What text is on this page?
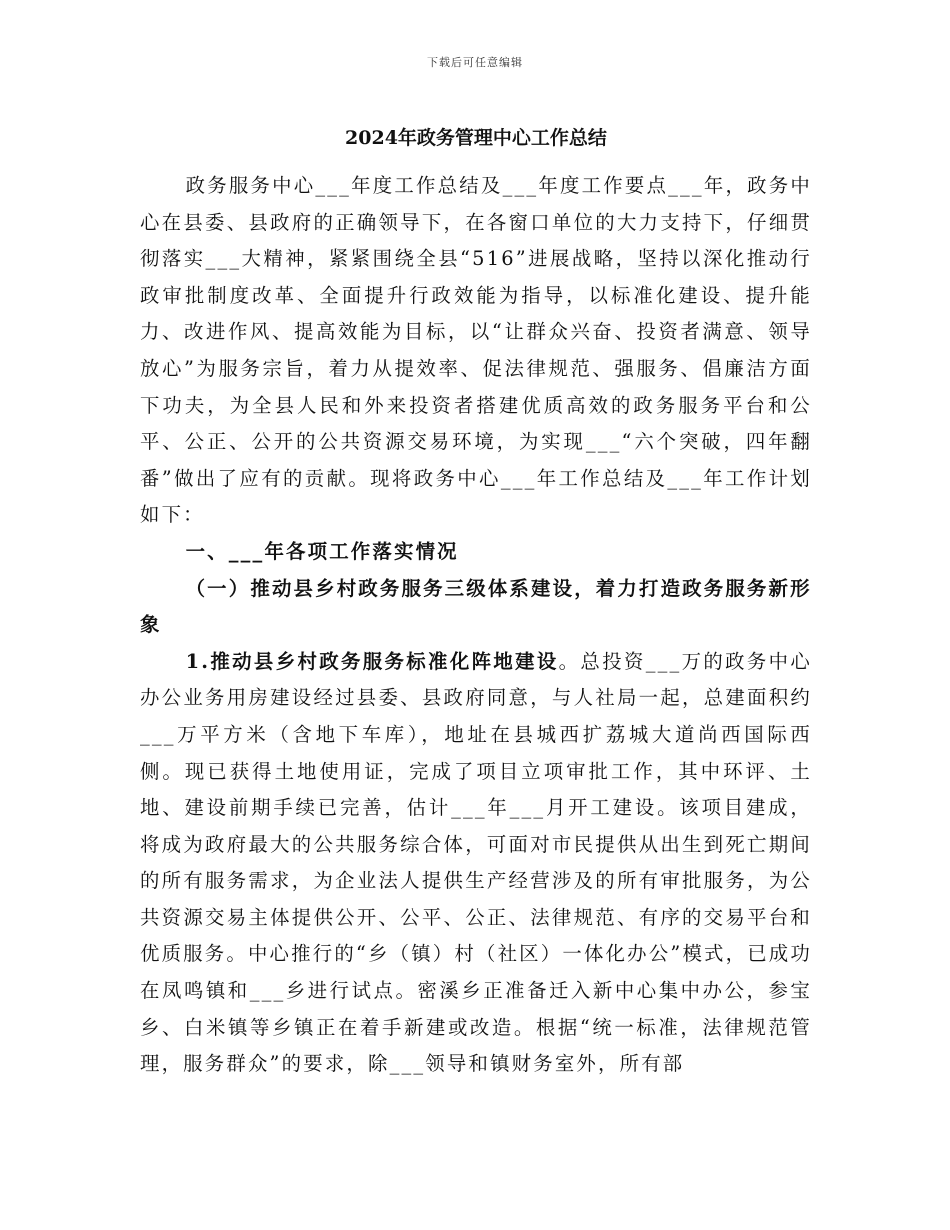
下载后可任意编辑
2024年政务管理中心工作总结

政务服务中心___年度工作总结及___年度工作要点___年，政务中心在县委、县政府的正确领导下，在各窗口单位的大力支持下，仔细贯彻落实___大精神，紧紧围绕全县“516”进展战略，坚持以深化推动行政审批制度改革、全面提升行政效能为指导，以标准化建设、提升能力、改进作风、提高效能为目标，以“让群众兴奋、投资者满意、领导放心”为服务宗旨，着力从提效率、促法律规范、强服务、倡廉洁方面下功夫，为全县人民和外来投资者搭建优质高效的政务服务平台和公平、公正、公开的公共资源交易环境，为实现___“六个突破，四年翻番”做出了应有的贡献。现将政务中心___年工作总结及___年工作计划如下：

一、___年各项工作落实情况

（一）推动县乡村政务服务三级体系建设，着力打造政务服务新形象

1.推动县乡村政务服务标准化阵地建设。总投资___万的政务中心办公业务用房建设经过县委、县政府同意，与人社局一起，总建面积约___万平方米（含地下车库），地址在县城西扩荔城大道尚西国际西侧。现已获得土地使用证，完成了项目立项审批工作，其中环评、土地、建设前期手续已完善，估计___年___月开工建设。该项目建成，将成为政府最大的公共服务综合体，可面对市民提供从出生到死亡期间的所有服务需求，为企业法人提供生产经营涉及的所有审批服务，为公共资源交易主体提供公开、公平、公正、法律规范、有序的交易平台和优质服务。中心推行的“乡（镇）村（社区）一体化办公”模式，已成功在凤鸣镇和___乡进行试点。密溪乡正准备迁入新中心集中办公，参宝乡、白米镇等乡镇正在着手新建或改造。根据“统一标准，法律规范管理，服务群众”的要求，除___领导和镇财务室外，所有部
